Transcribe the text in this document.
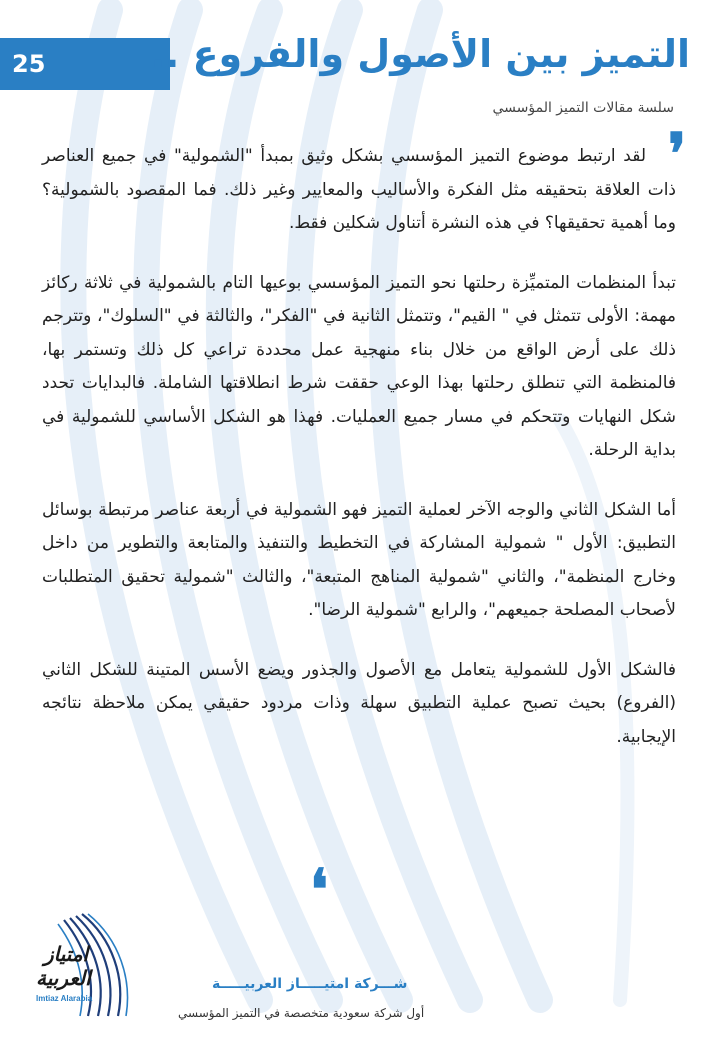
25	التميز بين الأصول والفروع ..
سلسة مقالات التميز المؤسسي
❜

لقد ارتبط موضوع التميز المؤسسي بشكل وثيق بمبدأ "الشمولية" في جميع العناصر ذات العلاقة بتحقيقه مثل الفكرة والأساليب والمعايير وغير ذلك. فما المقصود بالشمولية؟ وما أهمية تحقيقها؟ في هذه النشرة أتناول شكلين فقط.

تبدأ المنظمات المتميِّزة رحلتها نحو التميز المؤسسي بوعيها التام بالشمولية في ثلاثة ركائز مهمة: الأولى تتمثل في " القيم"، وتتمثل الثانية في "الفكر"، والثالثة في "السلوك"، وتترجم ذلك على أرض الواقع من خلال بناء منهجية عمل محددة تراعي كل ذلك وتستمر بها، فالمنظمة التي تنطلق رحلتها بهذا الوعي حققت شرط انطلاقتها الشاملة. فالبدايات تحدد شكل النهايات وتتحكم في مسار جميع العمليات. فهذا هو الشكل الأساسي للشمولية في بداية الرحلة.

أما الشكل الثاني والوجه الآخر لعملية التميز فهو الشمولية في أربعة عناصر مرتبطة بوسائل التطبيق: الأول " شمولية المشاركة في التخطيط والتنفيذ والمتابعة والتطوير من داخل وخارج المنظمة"، والثاني "شمولية المناهج المتبعة"، والثالث "شمولية تحقيق المتطلبات لأصحاب المصلحة جميعهم"، والرابع "شمولية الرضا".

فالشكل الأول للشمولية يتعامل مع الأصول والجذور ويضع الأسس المتينة للشكل الثاني (الفروع) بحيث تصبح عملية التطبيق سهلة وذات مردود حقيقي يمكن ملاحظة نتائجه الإيجابية.

❛
امتياز
العربية
Imtiaz Alarabia
شـــركة امتيـــــاز العربيـــــة
أول شركة سعودية متخصصة في التميز المؤسسي
